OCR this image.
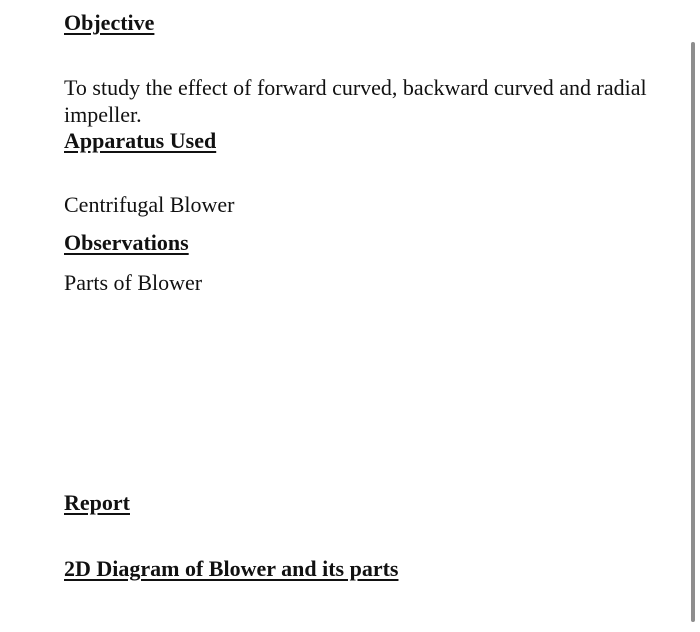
Objective
To study the effect of forward curved, backward curved and radial impeller.
Apparatus Used
Centrifugal Blower
Observations
Parts of Blower
Report
2D Diagram of Blower and its parts
